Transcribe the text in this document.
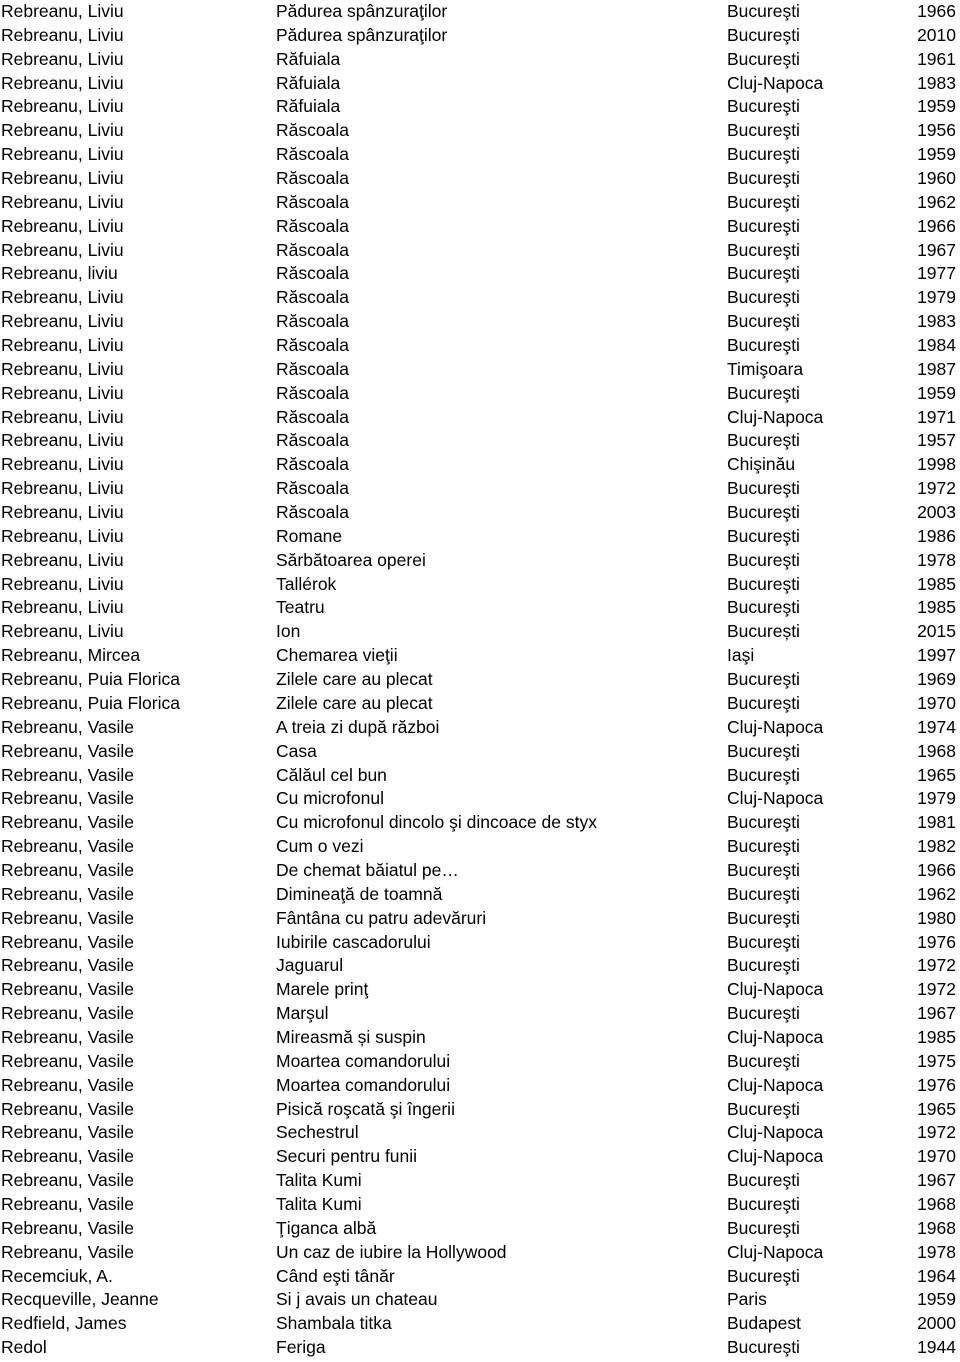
Rebreanu, Liviu	Pădurea spânzuraţilor	Bucureşti	1966
Rebreanu, Liviu	Pădurea spânzuraţilor	Bucureşti	2010
Rebreanu, Liviu	Răfuiala	Bucureşti	1961
Rebreanu, Liviu	Răfuiala	Cluj-Napoca	1983
Rebreanu, Liviu	Răfuiala	Bucureşti	1959
Rebreanu, Liviu	Răscoala	Bucureşti	1956
Rebreanu, Liviu	Răscoala	Bucureşti	1959
Rebreanu, Liviu	Răscoala	Bucureşti	1960
Rebreanu, Liviu	Răscoala	Bucureşti	1962
Rebreanu, Liviu	Răscoala	Bucureşti	1966
Rebreanu, Liviu	Răscoala	Bucureşti	1967
Rebreanu, liviu	Răscoala	Bucureşti	1977
Rebreanu, Liviu	Răscoala	Bucureşti	1979
Rebreanu, Liviu	Răscoala	Bucureşti	1983
Rebreanu, Liviu	Răscoala	Bucureşti	1984
Rebreanu, Liviu	Răscoala	Timişoara	1987
Rebreanu, Liviu	Răscoala	Bucureşti	1959
Rebreanu, Liviu	Răscoala	Cluj-Napoca	1971
Rebreanu, Liviu	Răscoala	Bucureşti	1957
Rebreanu, Liviu	Răscoala	Chişinău	1998
Rebreanu, Liviu	Răscoala	Bucureşti	1972
Rebreanu, Liviu	Răscoala	Bucureşti	2003
Rebreanu, Liviu	Romane	Bucureşti	1986
Rebreanu, Liviu	Sărbătoarea operei	Bucureşti	1978
Rebreanu, Liviu	Tallérok	Bucureşti	1985
Rebreanu, Liviu	Teatru	Bucureşti	1985
Rebreanu, Liviu	Ion	București	2015
Rebreanu, Mircea	Chemarea vieţii	Iaşi	1997
Rebreanu, Puia Florica	Zilele care au plecat	Bucureşti	1969
Rebreanu, Puia Florica	Zilele care au plecat	Bucureşti	1970
Rebreanu, Vasile	A treia zi după război	Cluj-Napoca	1974
Rebreanu, Vasile	Casa	Bucureşti	1968
Rebreanu, Vasile	Călăul cel bun	Bucureşti	1965
Rebreanu, Vasile	Cu microfonul	Cluj-Napoca	1979
Rebreanu, Vasile	Cu microfonul dincolo şi dincoace de styx	Bucureşti	1981
Rebreanu, Vasile	Cum o vezi	Bucureşti	1982
Rebreanu, Vasile	De chemat băiatul pe…	Bucureşti	1966
Rebreanu, Vasile	Dimineaţă de toamnă	Bucureşti	1962
Rebreanu, Vasile	Fântâna cu patru adevăruri	Bucureşti	1980
Rebreanu, Vasile	Iubirile cascadorului	Bucureşti	1976
Rebreanu, Vasile	Jaguarul	Bucureşti	1972
Rebreanu, Vasile	Marele prinţ	Cluj-Napoca	1972
Rebreanu, Vasile	Marşul	Bucureşti	1967
Rebreanu, Vasile	Mireasmă și suspin	Cluj-Napoca	1985
Rebreanu, Vasile	Moartea comandorului	Bucureşti	1975
Rebreanu, Vasile	Moartea comandorului	Cluj-Napoca	1976
Rebreanu, Vasile	Pisică roşcată şi îngerii	Bucureşti	1965
Rebreanu, Vasile	Sechestrul	Cluj-Napoca	1972
Rebreanu, Vasile	Securi pentru funii	Cluj-Napoca	1970
Rebreanu, Vasile	Talita Kumi	Bucureşti	1967
Rebreanu, Vasile	Talita Kumi	Bucureşti	1968
Rebreanu, Vasile	Ţiganca albă	Bucureşti	1968
Rebreanu, Vasile	Un caz de iubire la Hollywood	Cluj-Napoca	1978
Recemciuk, A.	Când eşti tânăr	Bucureşti	1964
Recqueville, Jeanne	Si j avais un chateau	Paris	1959
Redfield, James	Shambala titka	Budapest	2000
Redol	Feriga	Bucureşti	1944
